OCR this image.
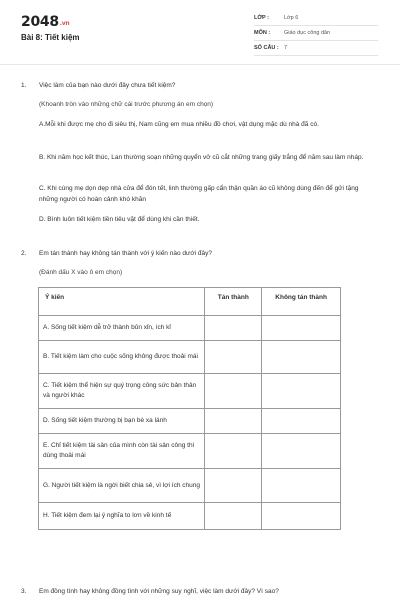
2048.vn
Bài 8: Tiết kiệm
LỚP :	Lớp 6
MÔN :	Giáo dục công dân
SỐ CÂU : 7
1. Việc làm của bạn nào dưới đây chưa tiết kiệm?
(Khoanh tròn vào những chữ cái trước phương án em chọn)
A.Mỗi khi được mẹ cho đi siêu thị, Nam cũng em mua nhiều đồ chơi, vật dụng mặc dù nhà đã có.
B. Khi năm học kết thúc, Lan thường soạn những quyển vở cũ cắt những trang giấy trắng để năm sau làm nháp.
C. Khi cùng mẹ dọn dẹp nhà cửa để đón tết, linh thường gấp cẩn thận quần áo cũ không dùng đến để gửi tặng những người có hoàn cảnh khó khăn
D. Bình luôn tiết kiệm tiền tiêu vặt để dùng khi cần thiết.
2. Em tán thành hay không tán thành với ý kiến nào dưới đây?
(Đánh dấu X vào ô em chọn)
Ý kiến	Tán thành	Không tán thành
A. Sống tiết kiệm dễ trở thành bủn xỉn, ích kỉ		
B. Tiết kiệm làm cho cuộc sống không được thoải mái		
C. Tiết kiệm thể hiện sự quý trọng công sức bản thân và người khác		
D. Sống tiết kiệm thường bị bạn bè xa lánh		
E. Chỉ tiết kiệm tài sản của mình còn tài sản công thì dùng thoải mái		
G. Người tiết kiệm là ngời biết chia sẻ, vì lợi ích chung		
H. Tiết kiệm đem lại ý nghĩa to lơn về kinh tế		
3. Em đồng tình hay không đồng tình với những suy nghĩ, việc làm dưới đây? Vì sao?
